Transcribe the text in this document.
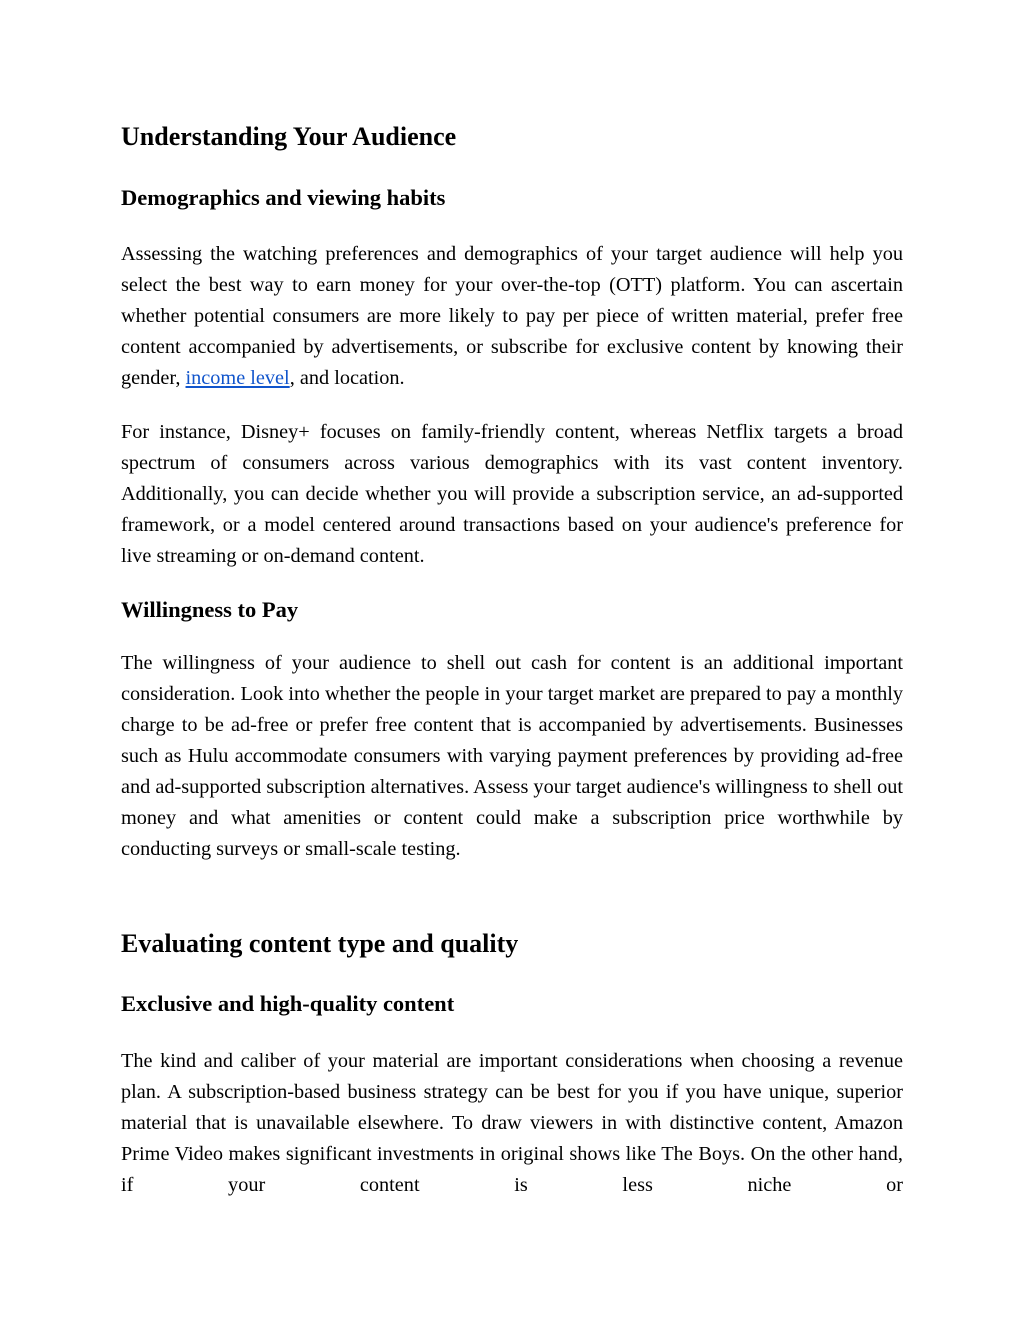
Understanding Your Audience
Demographics and viewing habits

Assessing the watching preferences and demographics of your target audience will help you select the best way to earn money for your over-the-top (OTT) platform. You can ascertain whether potential consumers are more likely to pay per piece of written material, prefer free content accompanied by advertisements, or subscribe for exclusive content by knowing their gender, income level, and location.

For instance, Disney+ focuses on family-friendly content, whereas Netflix targets a broad spectrum of consumers across various demographics with its vast content inventory. Additionally, you can decide whether you will provide a subscription service, an ad-supported framework, or a model centered around transactions based on your audience's preference for live streaming or on-demand content.

Willingness to Pay

The willingness of your audience to shell out cash for content is an additional important consideration. Look into whether the people in your target market are prepared to pay a monthly charge to be ad-free or prefer free content that is accompanied by advertisements. Businesses such as Hulu accommodate consumers with varying payment preferences by providing ad-free and ad-supported subscription alternatives. Assess your target audience's willingness to shell out money and what amenities or content could make a subscription price worthwhile by conducting surveys or small-scale testing.

Evaluating content type and quality
Exclusive and high-quality content

The kind and caliber of your material are important considerations when choosing a revenue plan. A subscription-based business strategy can be best for you if you have unique, superior material that is unavailable elsewhere. To draw viewers in with distinctive content, Amazon Prime Video makes significant investments in original shows like The Boys. On the other hand, if your content is less niche or
